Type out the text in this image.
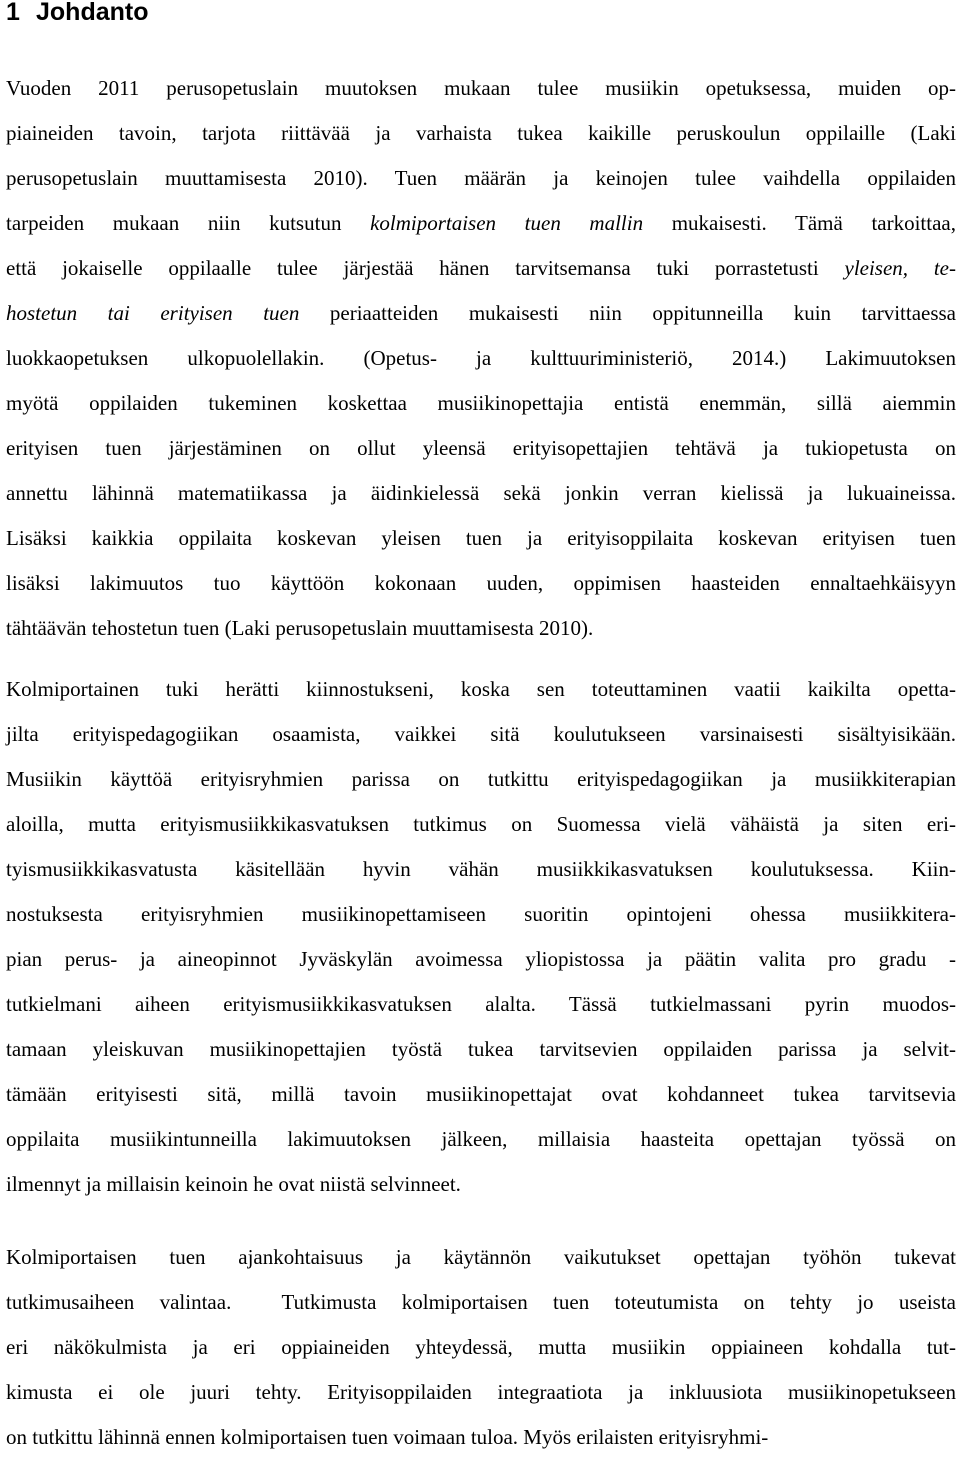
1 Johdanto
Vuoden 2011 perusopetuslain muutoksen mukaan tulee musiikin opetuksessa, muiden op-
piaineiden tavoin, tarjota riittävää ja varhaista tukea kaikille peruskoulun oppilaille (Laki
perusopetuslain muuttamisesta 2010). Tuen määrän ja keinojen tulee vaihdella oppilaiden
tarpeiden mukaan niin kutsutun kolmiportaisen tuen mallin mukaisesti. Tämä tarkoittaa,
että jokaiselle oppilaalle tulee järjestää hänen tarvitsemansa tuki porrastetusti yleisen, te-
hostetun tai erityisen tuen periaatteiden mukaisesti niin oppitunneilla kuin tarvittaessa
luokkaopetuksen ulkopuolellakin. (Opetus- ja kulttuuriministeriö, 2014.) Lakimuutoksen
myötä oppilaiden tukeminen koskettaa musiikinopettajia entistä enemmän, sillä aiemmin
erityisen tuen järjestäminen on ollut yleensä erityisopettajien tehtävä ja tukiopetusta on
annettu lähinnä matematiikassa ja äidinkielessä sekä jonkin verran kielissä ja lukuaineissa.
Lisäksi kaikkia oppilaita koskevan yleisen tuen ja erityisoppilaita koskevan erityisen tuen
lisäksi lakimuutos tuo käyttöön kokonaan uuden, oppimisen haasteiden ennaltaehkäisyyn
tähtäävän tehostetun tuen (Laki perusopetuslain muuttamisesta 2010).
Kolmiportainen tuki herätti kiinnostukseni, koska sen toteuttaminen vaatii kaikilta opetta-
jilta erityispedagogiikan osaamista, vaikkei sitä koulutukseen varsinaisesti sisältyisikään.
Musiikin käyttöä erityisryhmien parissa on tutkittu erityispedagogiikan ja musiikkiterapian
aloilla, mutta erityismusiikkikasvatuksen tutkimus on Suomessa vielä vähäistä ja siten eri-
tyismusiikkikasvatusta käsitellään hyvin vähän musiikkikasvatuksen koulutuksessa. Kiin-
nostuksesta erityisryhmien musiikinopettamiseen suoritin opintojeni ohessa musiikkitera-
pian perus- ja aineopinnot Jyväskylän avoimessa yliopistossa ja päätin valita pro gradu -
tutkielmani aiheen erityismusiikkikasvatuksen alalta. Tässä tutkielmassani pyrin muodos-
tamaan yleiskuvan musiikinopettajien työstä tukea tarvitsevien oppilaiden parissa ja selvit-
tämään erityisesti sitä, millä tavoin musiikinopettajat ovat kohdanneet tukea tarvitsevia
oppilaita musiikintunneilla lakimuutoksen jälkeen, millaisia haasteita opettajan työssä on
ilmennyt ja millaisin keinoin he ovat niistä selvinneet.
Kolmiportaisen tuen ajankohtaisuus ja käytännön vaikutukset opettajan työhön tukevat
tutkimusaiheen valintaa.  Tutkimusta kolmiportaisen tuen toteutumista on tehty jo useista
eri näkökulmista ja eri oppiaineiden yhteydessä, mutta musiikin oppiaineen kohdalla tut-
kimusta ei ole juuri tehty. Erityisoppilaiden integraatiota ja inkluusiota musiikinopetukseen
on tutkittu lähinnä ennen kolmiportaisen tuen voimaan tuloa. Myös erilaisten erityisryhmi-
